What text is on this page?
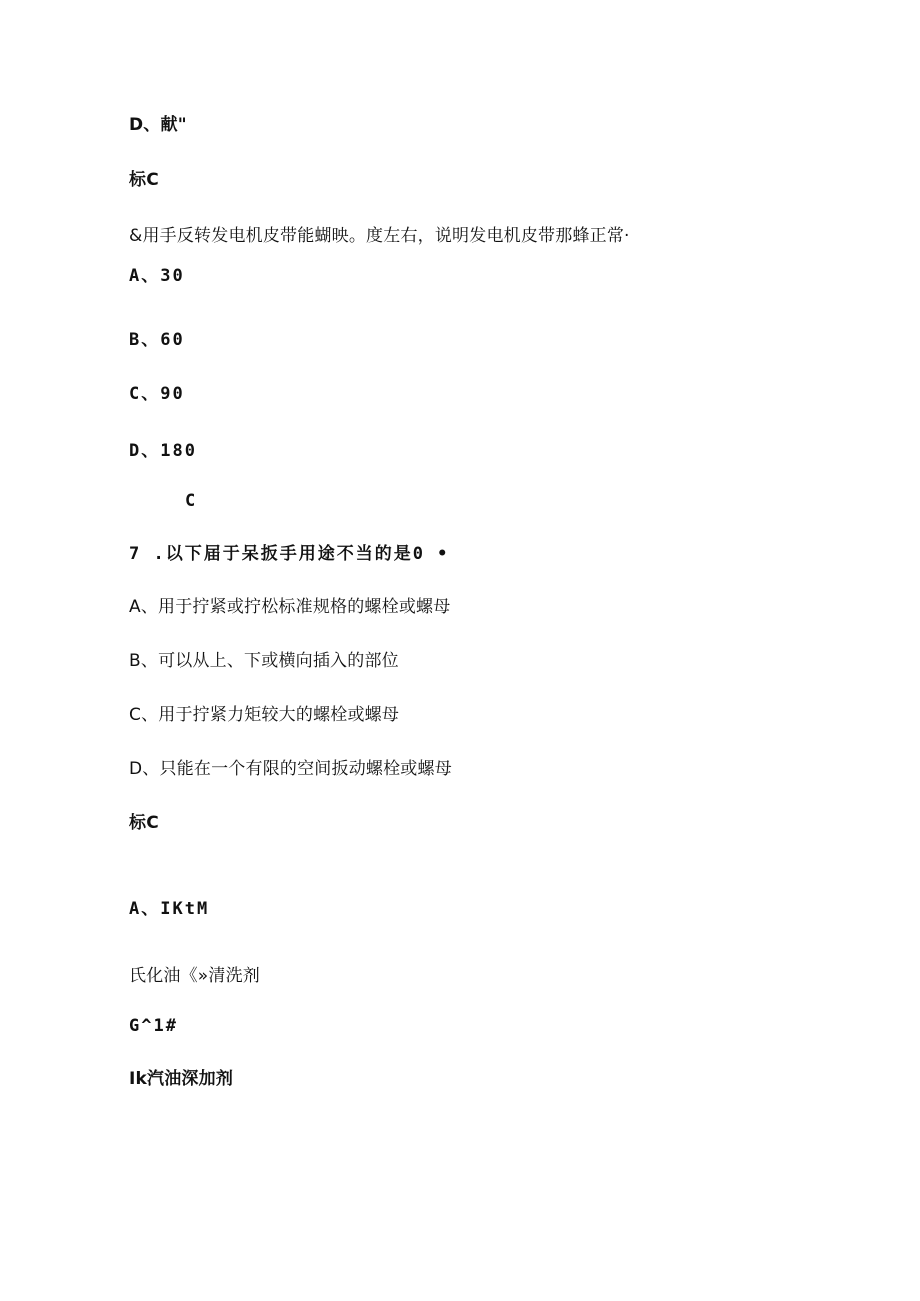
D、献"
标C
&用手反转发电机皮带能蝴映。度左右，说明发电机皮带那蜂正常·
A、30
B、60
C、90
D、180
C
7 .以下届于呆扳手用途不当的是0 •
A、用于拧紧或拧松标准规格的螺栓或螺母
B、可以从上、下或横向插入的部位
C、用于拧紧力矩较大的螺栓或螺母
D、只能在一个有限的空间扳动螺栓或螺母
标C
A、IKtM
氏化油《»清洗剂
G^1#
Ik汽油深加剂
